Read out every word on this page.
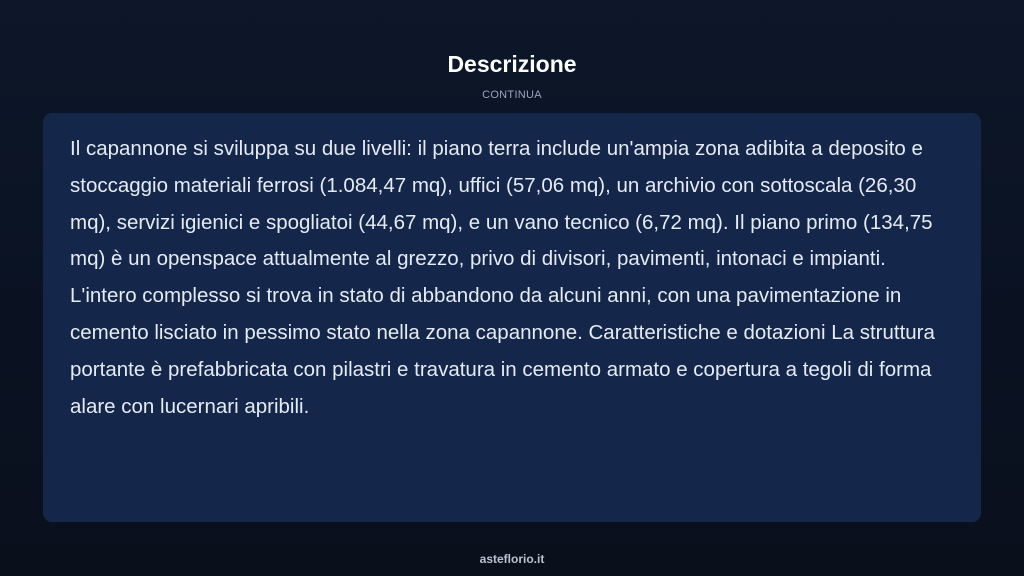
Descrizione
CONTINUA

Il capannone si sviluppa su due livelli: il piano terra include un'ampia zona adibita a deposito e stoccaggio materiali ferrosi (1.084,47 mq), uffici (57,06 mq), un archivio con sottoscala (26,30 mq), servizi igienici e spogliatoi (44,67 mq), e un vano tecnico (6,72 mq). Il piano primo (134,75 mq) è un openspace attualmente al grezzo, privo di divisori, pavimenti, intonaci e impianti. L'intero complesso si trova in stato di abbandono da alcuni anni, con una pavimentazione in cemento lisciato in pessimo stato nella zona capannone. Caratteristiche e dotazioni La struttura portante è prefabbricata con pilastri e travatura in cemento armato e copertura a tegoli di forma alare con lucernari apribili.

asteflorio.it
